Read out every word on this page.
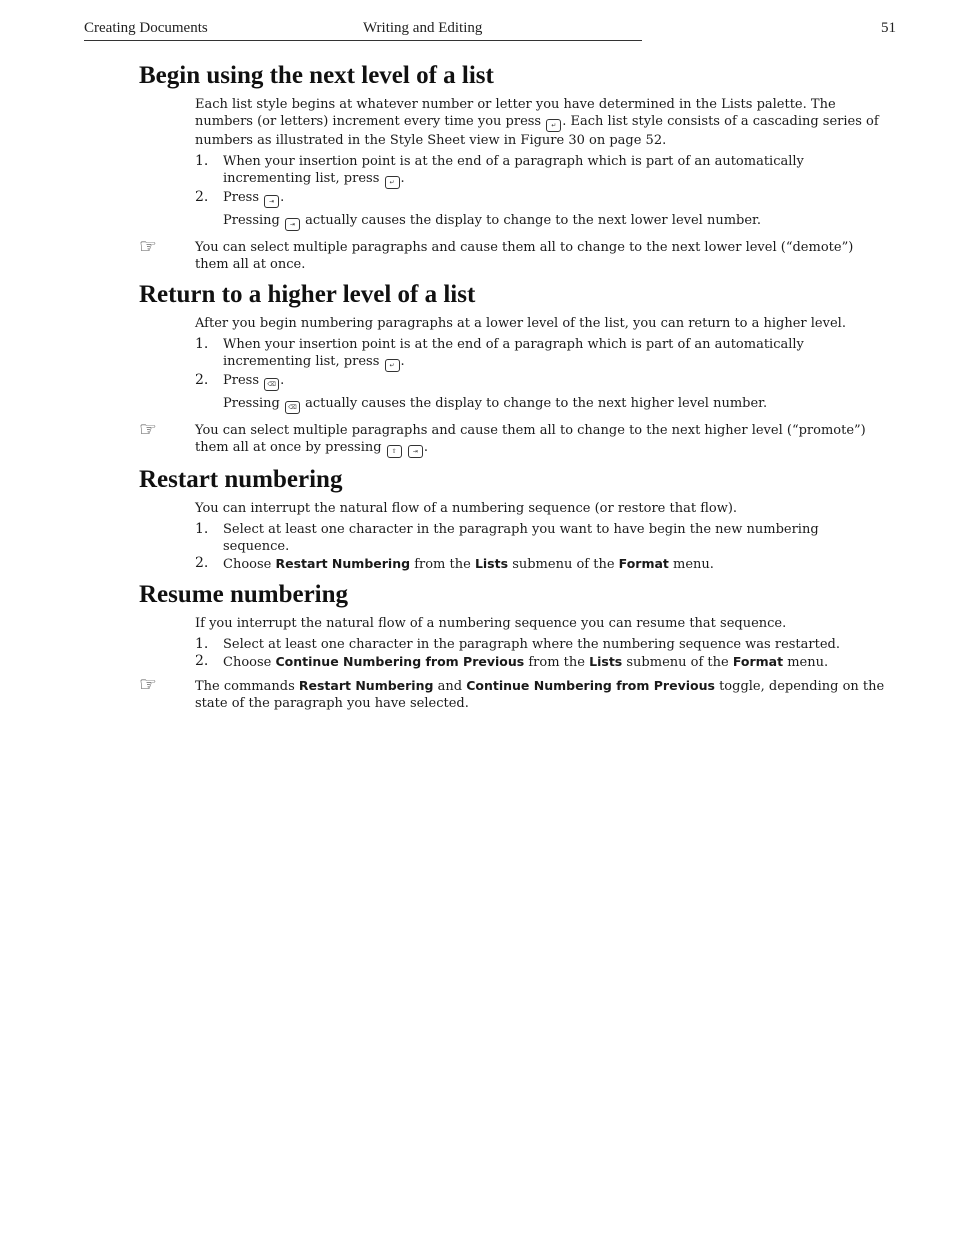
Creating Documents	Writing and Editing	51
Begin using the next level of a list

Each list style begins at whatever number or letter you have determined in the Lists palette. The numbers (or letters) increment every time you press ↵ . Each list style consists of a cascading series of numbers as illustrated in the Style Sheet view in Figure 30 on page 52.

1. When your insertion point is at the end of a paragraph which is part of an automatically incrementing list, press ↵ .
2. Press ⇥ .
Pressing ⇥ actually causes the display to change to the next lower level number.
☞	You can select multiple paragraphs and cause them all to change to the next lower level (“demote”) them all at once.
Return to a higher level of a list

After you begin numbering paragraphs at a lower level of the list, you can return to a higher level.

1. When your insertion point is at the end of a paragraph which is part of an automatically incrementing list, press ↵ .
2. Press ⌫ .
Pressing ⌫ actually causes the display to change to the next higher level number.
☞	You can select multiple paragraphs and cause them all to change to the next higher level (“promote”) them all at once by pressing ⇧	⇥ .
Restart numbering

You can interrupt the natural flow of a numbering sequence (or restore that flow).

1. Select at least one character in the paragraph you want to have begin the new numbering sequence.
2. Choose Restart Numbering from the Lists submenu of the Format menu.
Resume numbering

If you interrupt the natural flow of a numbering sequence you can resume that sequence.

1. Select at least one character in the paragraph where the numbering sequence was restarted.
2. Choose Continue Numbering from Previous from the Lists submenu of the Format menu.
☞	The commands Restart Numbering and Continue Numbering from Previous toggle, depending on the state of the paragraph you have selected.
